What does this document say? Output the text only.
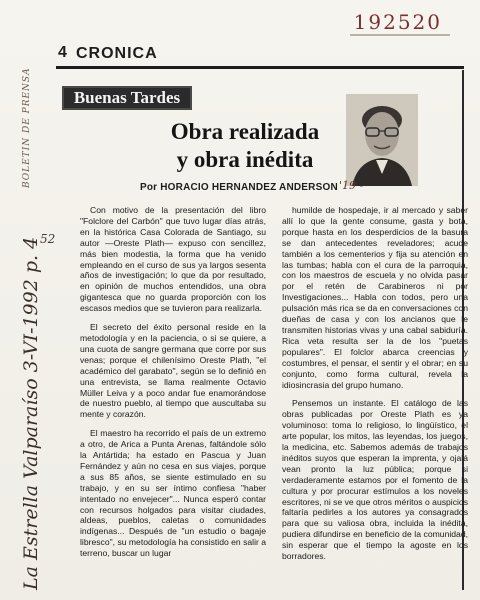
192520
BOLETIN DE PRENSA
52
La Estrella Valparaíso 3-VI-1992 p. 4
4 CRONICA
Buenas Tardes
Obra realizada
y obra inédita
Por HORACIO HERNANDEZ ANDERSON '19 -

Con motivo de la presentación del libro "Folclore del Carbón" que tuvo lugar días atrás, en la histórica Casa Colorada de Santiago, su autor —Oreste Plath— expuso con sencillez, más bien modestia, la forma que ha venido empleando en el curso de sus ya largos sesenta años de investigación; lo que da por resultado, en opinión de muchos entendidos, una obra gigantesca que no guarda proporción con los escasos medios que se tuvieron para realizarla.

El secreto del éxito personal reside en la metodología y en la paciencia, o si se quiere, a una cuota de sangre germana que corre por sus venas; porque el chilenísimo Oreste Plath, "el académico del garabato", según se lo definió en una entrevista, se llama realmente Octavio Müller Leiva y a poco andar fue enamorándose de nuestro pueblo, al tiempo que auscultaba su mente y corazón.

El maestro ha recorrido el país de un extremo a otro, de Arica a Punta Arenas, faltándole sólo la Antártida; ha estado en Pascua y Juan Fernández y aún no cesa en sus viajes, porque a sus 85 años, se siente estimulado en su trabajo, y en su ser íntimo confiesa "haber intentado no envejecer"... Nunca esperó contar con recursos holgados para visitar ciudades, aldeas, pueblos, caletas o comunidades indígenas... Después de "un estudio o bagaje libresco", su metodología ha consistido en salir a terreno, buscar un lugar

humilde de hospedaje, ir al mercado y saber allí lo que la gente consume, gasta y bota, porque hasta en los desperdicios de la basura se dan antecedentes reveladores; acude también a los cementerios y fija su atención en las tumbas; habla con el cura de la parroquia, con los maestros de escuela y no olvida pasar por el retén de Carabineros ni por Investigaciones... Habla con todos, pero una pulsación más rica se da en conversaciones con dueñas de casa y con los ancianos que le transmiten historias vivas y una cabal sabiduría. Rica veta resulta ser la de los "puetas populares". El folclor abarca creencias y costumbres, el pensar, el sentir y el obrar; en su conjunto, como forma cultural, revela la idiosincrasia del grupo humano.

Pensemos un instante. El catálogo de las obras publicadas por Oreste Plath es ya voluminoso: toma lo religioso, lo lingüístico, el arte popular, los mitos, las leyendas, los juegos, la medicina, etc. Sabemos además de trabajos inéditos suyos que esperan la imprenta, y ojalá vean pronto la luz pública; porque si verdaderamente estamos por el fomento de la cultura y por procurar estímulos a los noveles escritores, ni se ve que otros méritos o auspicios faltaría pedirles a los autores ya consagrados para que su valiosa obra, incluida la inédita, pudiera difundirse en beneficio de la comunidad, sin esperar que el tiempo la agoste en los borradores.
